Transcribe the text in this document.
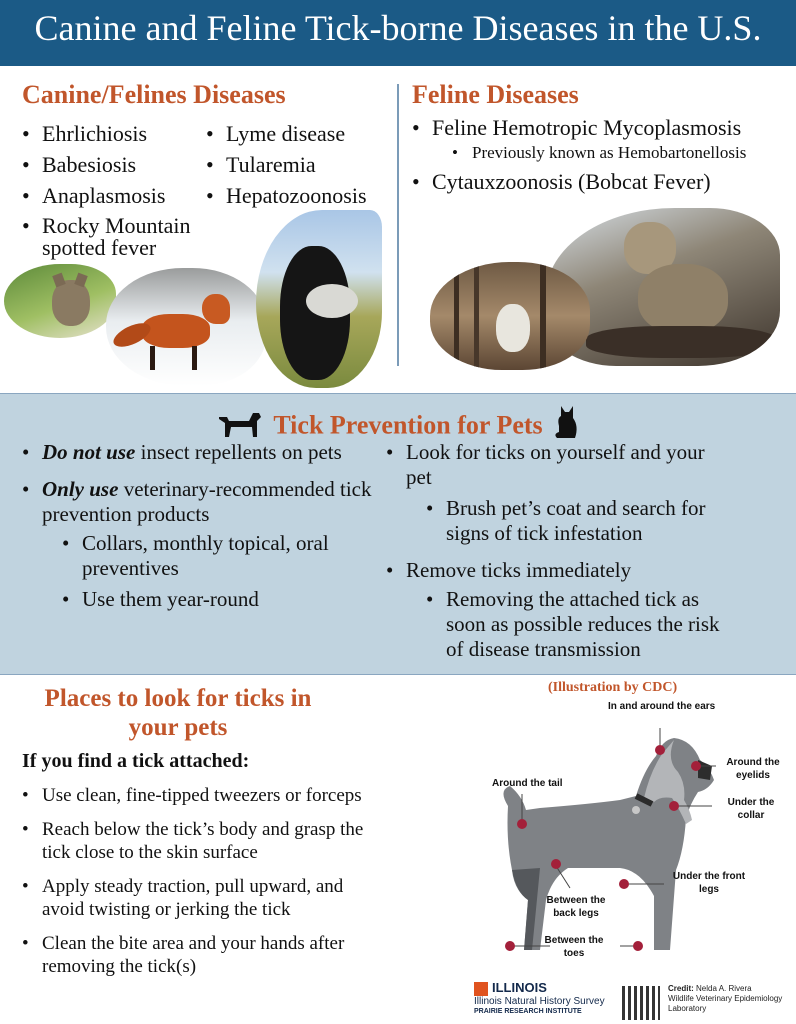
Canine and Feline Tick-borne Diseases in the U.S.
Canine/Felines Diseases
• Ehrlichiosis
• Babesiosis
• Anaplasmosis
• Rocky Mountain spotted fever
• Lyme disease
• Tularemia
• Hepatozoonosis
Feline Diseases
• Feline Hemotropic Mycoplasmosis
• Previously known as Hemobartonellosis
• Cytauxzoonosis (Bobcat Fever)
Tick Prevention for Pets
• Do not use insect repellents on pets
• Only use veterinary-recommended tick prevention products
• Collars, monthly topical, oral preventives
• Use them year-round
• Look for ticks on yourself and your pet
• Brush pet’s coat and search for signs of tick infestation
• Remove ticks immediately
• Removing the attached tick as soon as possible reduces the risk of disease transmission
Places to look for ticks in
your pets
If you find a tick attached:
• Use clean, fine-tipped tweezers or forceps
• Reach below the tick’s body and grasp the tick close to the skin surface
• Apply steady traction, pull upward, and avoid twisting or jerking the tick
• Clean the bite area and your hands after removing the tick(s)
(Illustration by CDC)
In and around the ears
Around the eyelids
Around the tail
Under the collar
Under the front legs
Between the back legs
Between the toes
ILLINOIS
Illinois Natural History Survey
PRAIRIE RESEARCH INSTITUTE
Credit: Nelda A. Rivera
Wildlife Veterinary Epidemiology
Laboratory
